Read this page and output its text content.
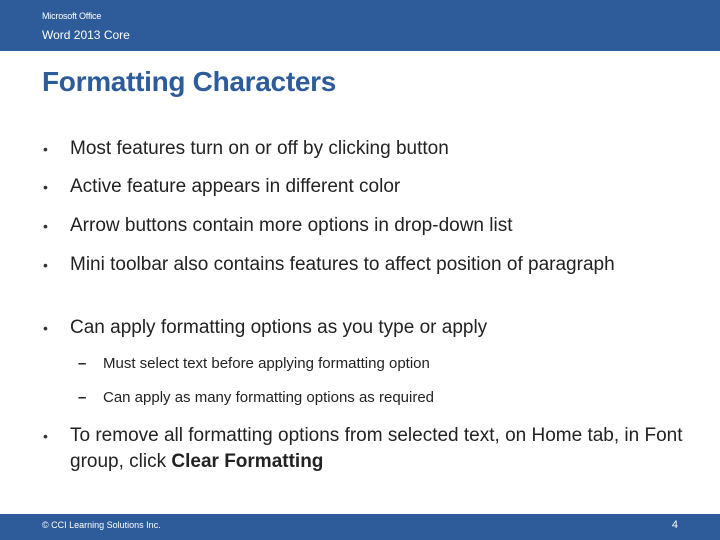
Microsoft Office
Word 2013 Core
Formatting Characters
• Most features turn on or off by clicking button
• Active feature appears in different color
• Arrow buttons contain more options in drop-down list
• Mini toolbar also contains features to affect position of paragraph
• Can apply formatting options as you type or apply
– Must select text before applying formatting option
– Can apply as many formatting options as required
• To remove all formatting options from selected text, on Home tab, in Font group, click Clear Formatting
© CCI Learning Solutions Inc.	4
